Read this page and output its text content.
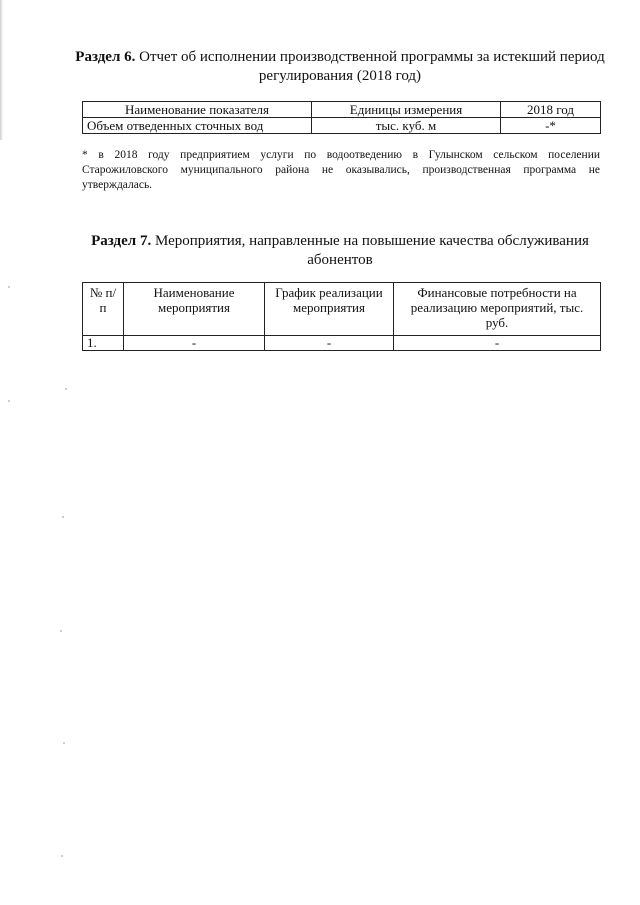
Раздел 6. Отчет об исполнении производственной программы за истекший период регулирования (2018 год)
Наименование показателя	Единицы измерения	2018 год
Объем отведенных сточных вод	тыс. куб. м	-*
* в 2018 году предприятием услуги по водоотведению в Гулынском сельском поселении Старожиловского муниципального района не оказывались, производственная программа не утверждалась.
Раздел 7. Мероприятия, направленные на повышение качества обслуживания абонентов
№ п/п	Наименование мероприятия	График реализации мероприятия	Финансовые потребности на реализацию мероприятий, тыс. руб.
1.	-	-	-
